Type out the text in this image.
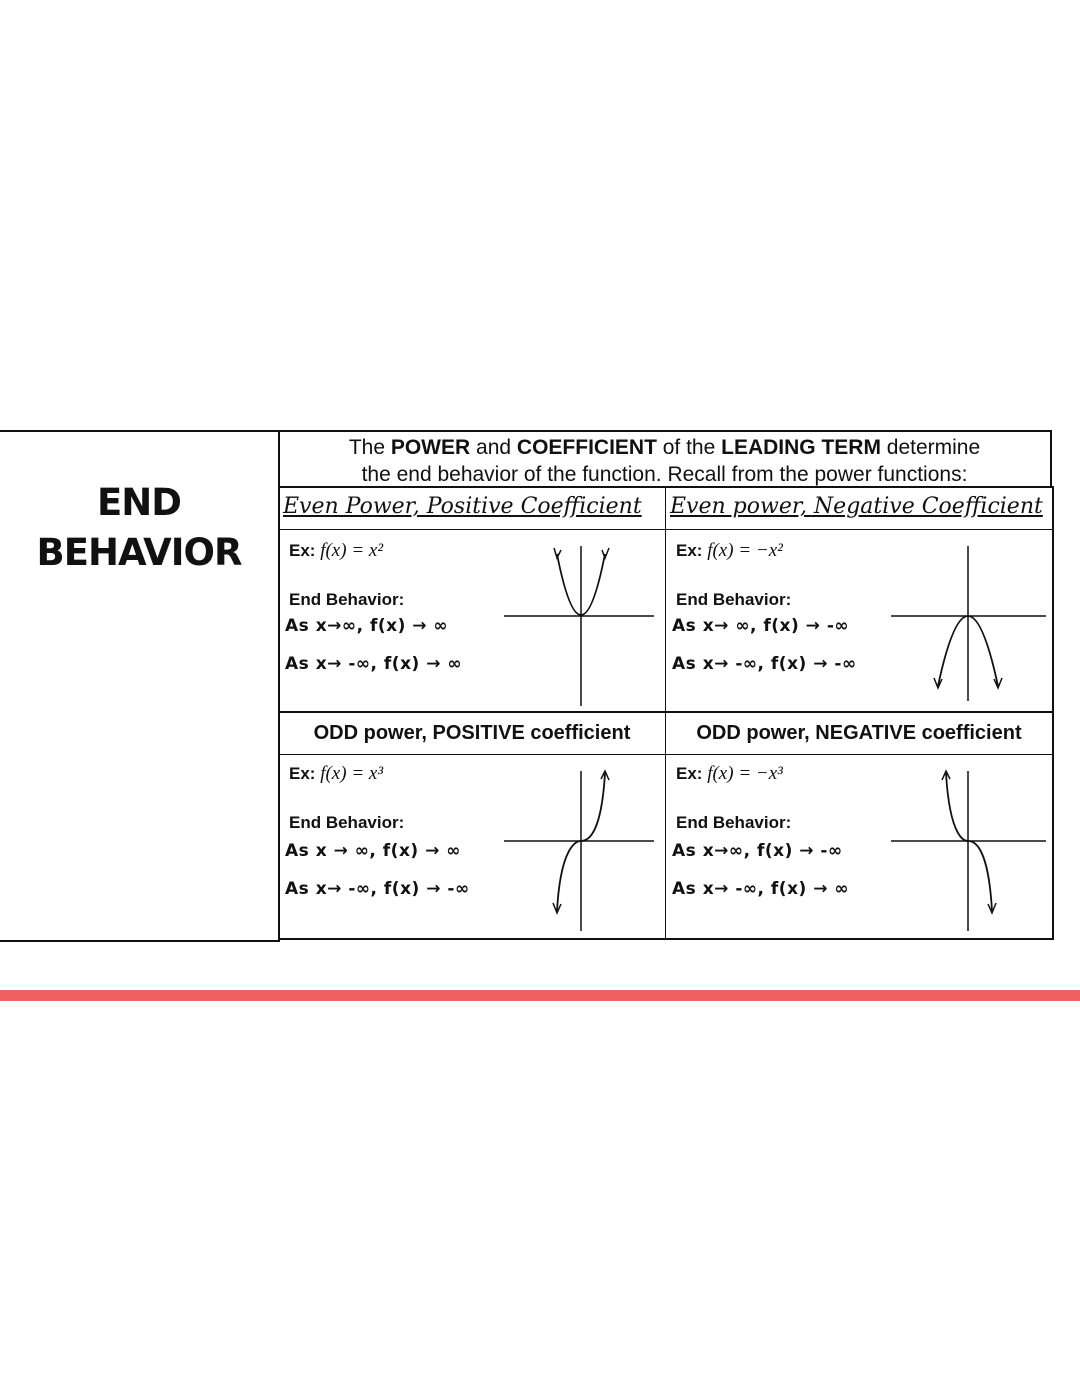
END
BEHAVIOR
The POWER and COEFFICIENT of the LEADING TERM determine
the end behavior of the function. Recall from the power functions:
Even Power, Positive Coefficient
Ex: f(x) = x²
End Behavior:
As x→∞, f(x) → ∞
As x→ -∞, f(x) → ∞
Even power, Negative Coefficient
Ex: f(x) = −x²
End Behavior:
As x→ ∞, f(x) → -∞
As x→ -∞, f(x) → -∞
ODD power, POSITIVE coefficient
Ex: f(x) = x³
End Behavior:
As x → ∞, f(x) → ∞
As x→ -∞, f(x) → -∞
ODD power, NEGATIVE coefficient
Ex: f(x) = −x³
End Behavior:
As x→∞, f(x) → -∞
As x→ -∞, f(x) → ∞
